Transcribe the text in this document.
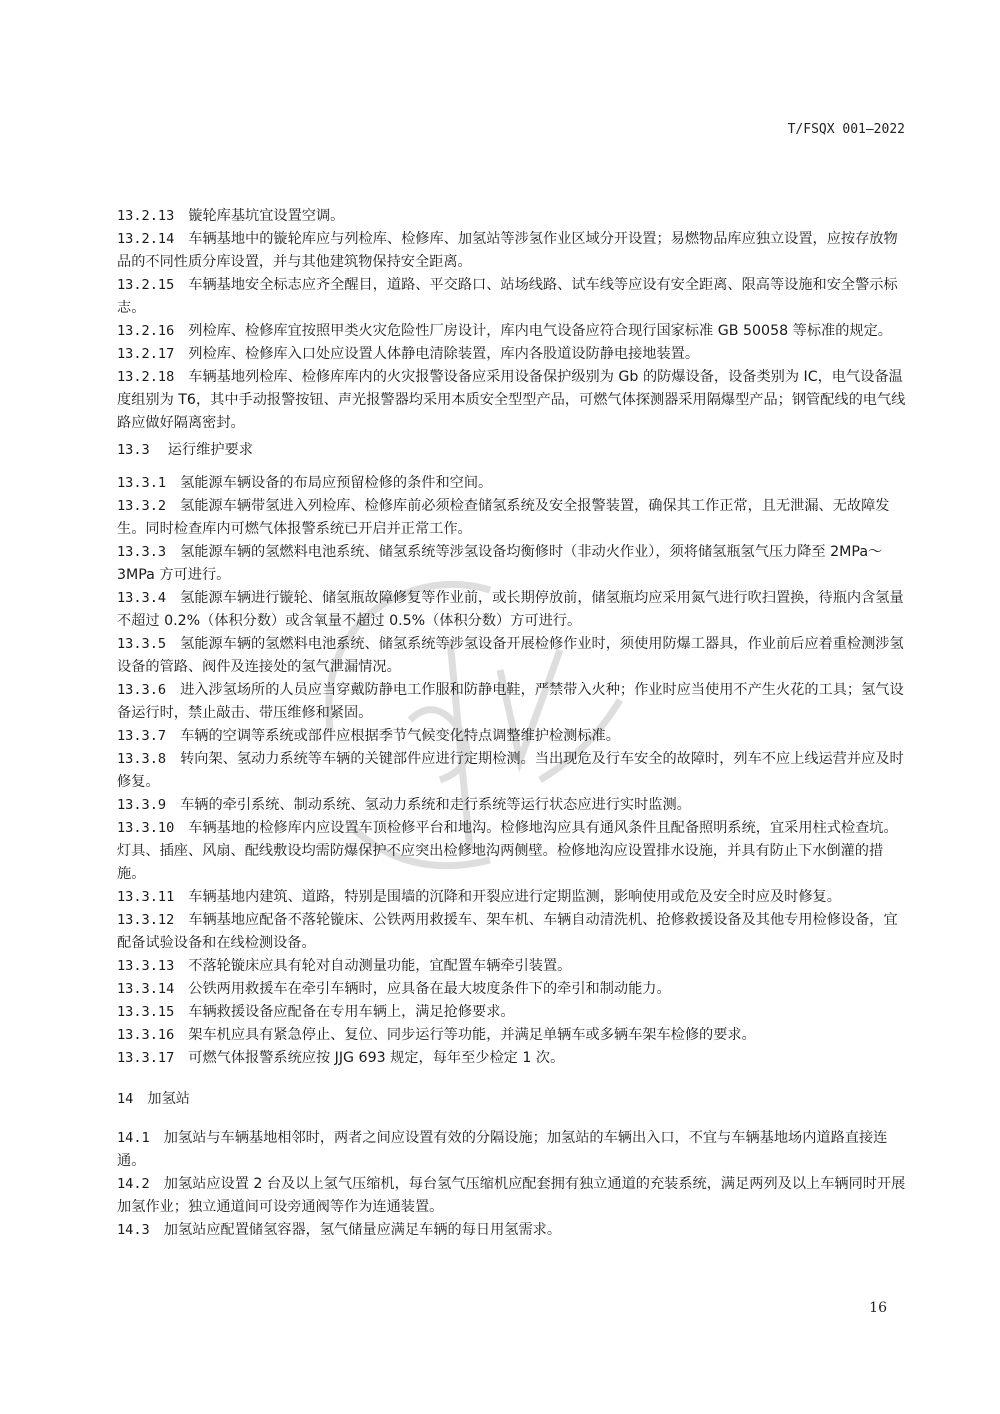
T/FSQX 001—2022
13.2.13 镟轮库基坑宜设置空调。
13.2.14 车辆基地中的镟轮库应与列检库、检修库、加氢站等涉氢作业区域分开设置；易燃物品库应独立设置，应按存放物品的不同性质分库设置，并与其他建筑物保持安全距离。
13.2.15 车辆基地安全标志应齐全醒目，道路、平交路口、站场线路、试车线等应设有安全距离、限高等设施和安全警示标志。
13.2.16 列检库、检修库宜按照甲类火灾危险性厂房设计，库内电气设备应符合现行国家标准 GB 50058 等标准的规定。
13.2.17 列检库、检修库入口处应设置人体静电清除装置，库内各股道设防静电接地装置。
13.2.18 车辆基地列检库、检修库库内的火灾报警设备应采用设备保护级别为 Gb 的防爆设备，设备类别为 IC，电气设备温度组别为 T6，其中手动报警按钮、声光报警器均采用本质安全型型产品，可燃气体探测器采用隔爆型产品；钢管配线的电气线路应做好隔离密封。
13.3 运行维护要求
13.3.1 氢能源车辆设备的布局应预留检修的条件和空间。
13.3.2 氢能源车辆带氢进入列检库、检修库前必须检查储氢系统及安全报警装置，确保其工作正常，且无泄漏、无故障发生。同时检查库内可燃气体报警系统已开启并正常工作。
13.3.3 氢能源车辆的氢燃料电池系统、储氢系统等涉氢设备均衡修时（非动火作业），须将储氢瓶氢气压力降至 2MPa～3MPa 方可进行。
13.3.4 氢能源车辆进行镟轮、储氢瓶故障修复等作业前，或长期停放前，储氢瓶均应采用氮气进行吹扫置换，待瓶内含氢量不超过 0.2%（体积分数）或含氧量不超过 0.5%（体积分数）方可进行。
13.3.5 氢能源车辆的氢燃料电池系统、储氢系统等涉氢设备开展检修作业时，须使用防爆工器具，作业前后应着重检测涉氢设备的管路、阀件及连接处的氢气泄漏情况。
13.3.6 进入涉氢场所的人员应当穿戴防静电工作服和防静电鞋，严禁带入火种；作业时应当使用不产生火花的工具；氢气设备运行时，禁止敲击、带压维修和紧固。
13.3.7 车辆的空调等系统或部件应根据季节气候变化特点调整维护检测标准。
13.3.8 转向架、氢动力系统等车辆的关键部件应进行定期检测。当出现危及行车安全的故障时，列车不应上线运营并应及时修复。
13.3.9 车辆的牵引系统、制动系统、氢动力系统和走行系统等运行状态应进行实时监测。
13.3.10 车辆基地的检修库内应设置车顶检修平台和地沟。检修地沟应具有通风条件且配备照明系统，宜采用柱式检查坑。灯具、插座、风扇、配线敷设均需防爆保护不应突出检修地沟两侧壁。检修地沟应设置排水设施，并具有防止下水倒灌的措施。
13.3.11 车辆基地内建筑、道路，特别是围墙的沉降和开裂应进行定期监测，影响使用或危及安全时应及时修复。
13.3.12 车辆基地应配备不落轮镟床、公铁两用救援车、架车机、车辆自动清洗机、抢修救援设备及其他专用检修设备，宜配备试验设备和在线检测设备。
13.3.13 不落轮镟床应具有轮对自动测量功能，宜配置车辆牵引装置。
13.3.14 公铁两用救援车在牵引车辆时，应具备在最大坡度条件下的牵引和制动能力。
13.3.15 车辆救援设备应配备在专用车辆上，满足抢修要求。
13.3.16 架车机应具有紧急停止、复位、同步运行等功能，并满足单辆车或多辆车架车检修的要求。
13.3.17 可燃气体报警系统应按 JJG 693 规定，每年至少检定 1 次。
14 加氢站
14.1 加氢站与车辆基地相邻时，两者之间应设置有效的分隔设施；加氢站的车辆出入口，不宜与车辆基地场内道路直接连通。
14.2 加氢站应设置 2 台及以上氢气压缩机，每台氢气压缩机应配套拥有独立通道的充装系统，满足两列及以上车辆同时开展加氢作业；独立通道间可设旁通阀等作为连通装置。
14.3 加氢站应配置储氢容器，氢气储量应满足车辆的每日用氢需求。
16
